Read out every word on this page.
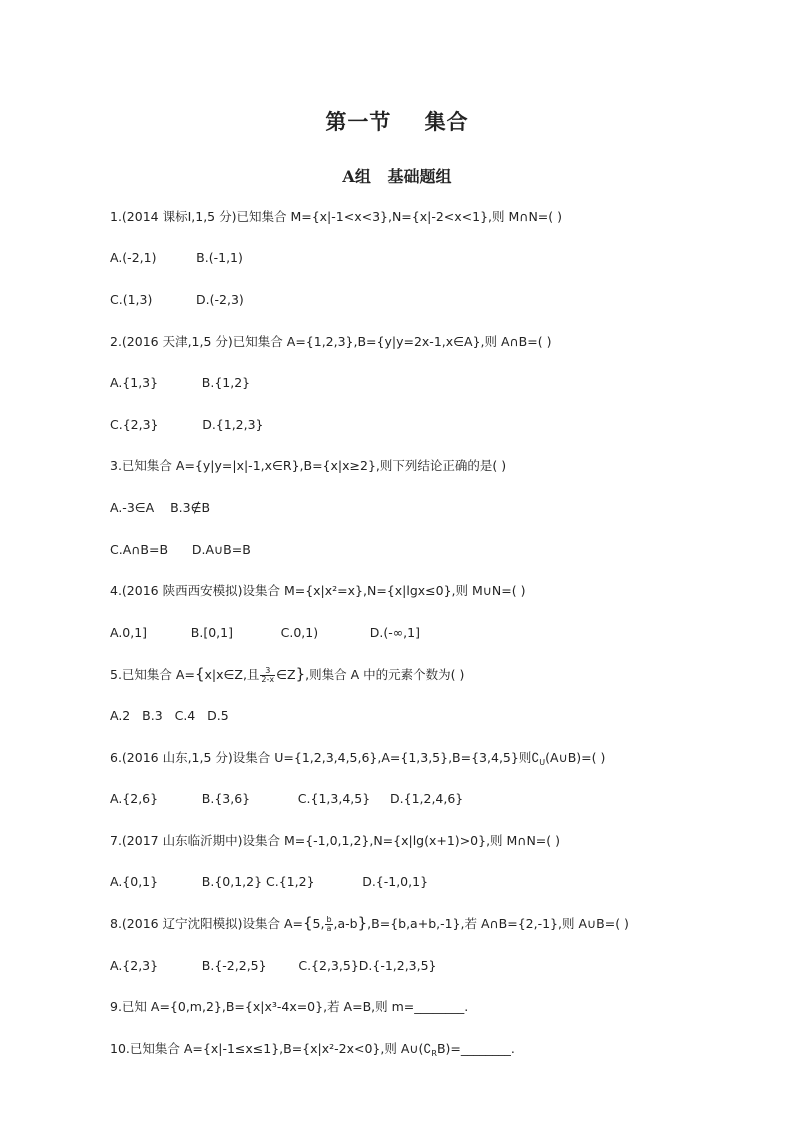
第一节    集合
A组   基础题组
1.(2014 课标Ⅰ,1,5 分)已知集合 M={x|-1<x<3},N={x|-2<x<1},则 M∩N=( )
A.(-2,1)          B.(-1,1)
C.(1,3)           D.(-2,3)
2.(2016 天津,1,5 分)已知集合 A={1,2,3},B={y|y=2x-1,x∈A},则 A∩B=( )
A.{1,3}           B.{1,2}
C.{2,3}           D.{1,2,3}
3.已知集合 A={y|y=|x|-1,x∈R},B={x|x≥2},则下列结论正确的是( )
A.-3∈A    B.3∉B
C.A∩B=B      D.A∪B=B
4.(2016 陕西西安模拟)设集合 M={x|x²=x},N={x|lgx≤0},则 M∪N=( )
A.0,1]           B.[0,1]            C.0,1)             D.(-∞,1]
5.已知集合 A={x|x∈Z,且 $\frac{3}{2-x}$ ∈Z},则集合 A 中的元素个数为( )
A.2   B.3   C.4   D.5
6.(2016 山东,1,5 分)设集合 U={1,2,3,4,5,6},A={1,3,5},B={3,4,5}则$∁_U(A\cup B)=$( )
A.{2,6}           B.{3,6}            C.{1,3,4,5}     D.{1,2,4,6}
7.(2017 山东临沂期中)设集合 M={-1,0,1,2},N={x|lg(x+1)>0},则 M∩N=( )
A.{0,1}           B.{0,1,2} C.{1,2}            D.{-1,0,1}
8.(2016 辽宁沈阳模拟)设集合 A={5, $\frac{b}{a} ,a-b\},B=\{b,a+b,-1\}$,若 A∩B={2,-1},则 A∪B=( )
A.{2,3}           B.{-2,2,5}        C.{2,3,5}D.{-1,2,3,5}
9.已知 A={0,m,2},B={x|x³-4x=0},若 A=B,则 m=________.
10.已知集合 A={x|-1≤x≤1},B={x|x²-2x<0},则 $A\cup(∁_RB)=\_\_\_\_\_\_\_\_$.
